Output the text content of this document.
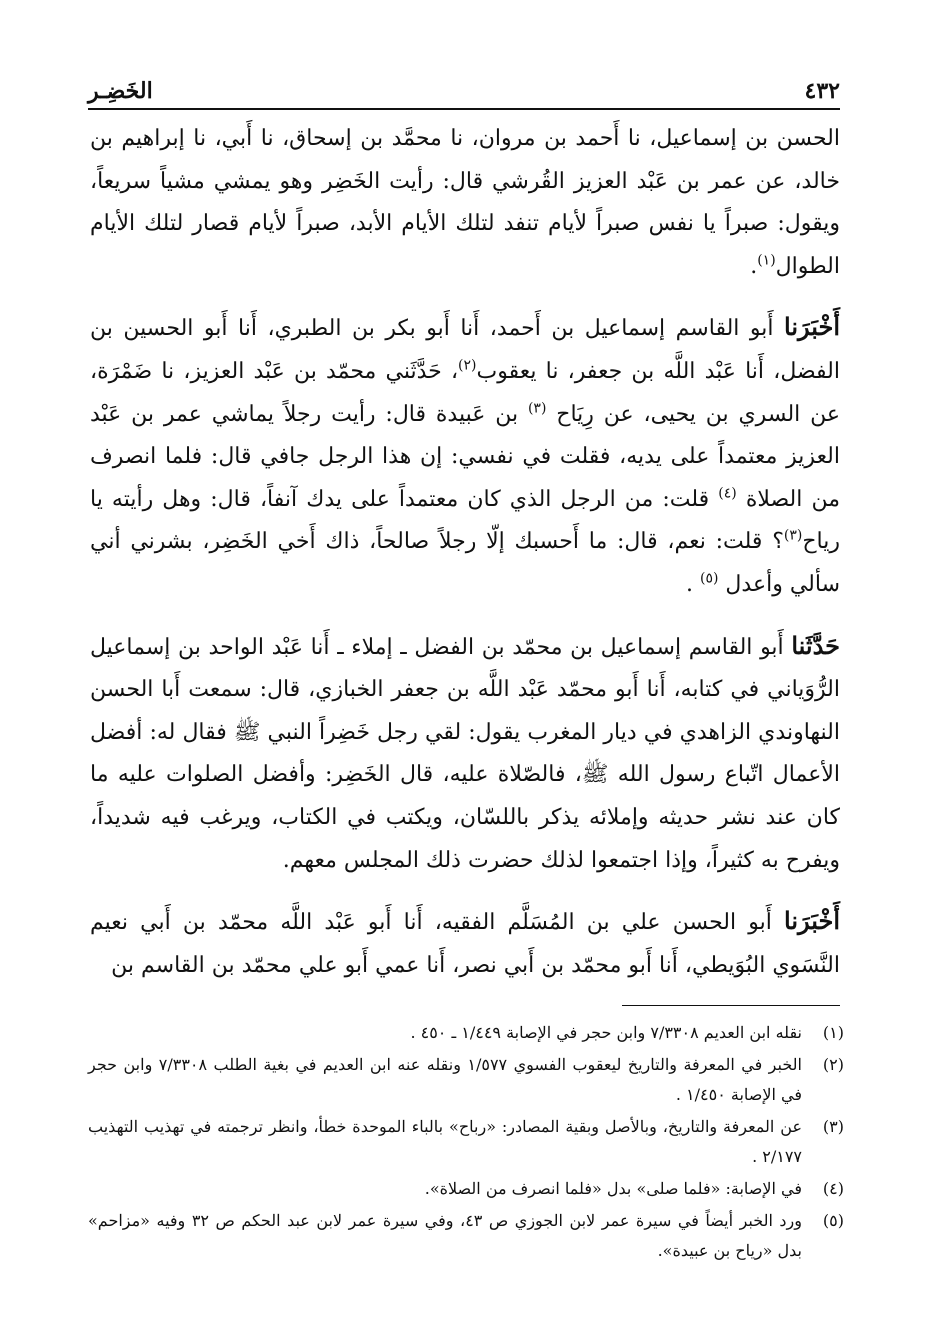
٤٣٢
الخَضِـر

الحسن بن إسماعيل، نا أَحمد بن مروان، نا محمَّد بن إسحاق، نا أَبي، نا إبراهيم بن خالد، عن عمر بن عَبْد العزيز القُرشي قال: رأيت الخَضِر وهو يمشي مشياً سريعاً، ويقول: صبراً يا نفس صبراً لأيام تنفد لتلك الأيام الأبد، صبراً لأيام قصار لتلك الأيام الطوال$^{(١)}$.

أَخْبَرَنا أَبو القاسم إسماعيل بن أَحمد، أَنا أَبو بكر بن الطبري، أَنا أَبو الحسين بن الفضل، أَنا عَبْد اللَّه بن جعفر، نا يعقوب$^{(٢)}$، حَدَّثَني محمّد بن عَبْد العزيز، نا ضَمْرَة، عن السري بن يحيى، عن رِيَاح $^{(٣)}$ بن عَبيدة قال: رأيت رجلاً يماشي عمر بن عَبْد العزيز معتمداً على يديه، فقلت في نفسي: إن هذا الرجل جافي قال: فلما انصرف من الصلاة $^{(٤)}$ قلت: من الرجل الذي كان معتمداً على يدك آنفاً، قال: وهل رأيته يا رياح$^{(٣)}$؟ قلت: نعم، قال: ما أَحسبك إلّا رجلاً صالحاً، ذاك أَخي الخَضِر، بشرني أني سألي وأعدل $^{(٥)}$ .

حَدَّثَنا أَبو القاسم إسماعيل بن محمّد بن الفضل ـ إملاء ـ أَنا عَبْد الواحد بن إسماعيل الرُّوَياني في كتابه، أَنا أَبو محمّد عَبْد اللَّه بن جعفر الخبازي، قال: سمعت أَبا الحسن النهاوندي الزاهدي في ديار المغرب يقول: لقي رجل خَضِراً النبي ﷺ فقال له: أفضل الأعمال اتّباع رسول الله ﷺ، فالصّلاة عليه، قال الخَضِر: وأفضل الصلوات عليه ما كان عند نشر حديثه وإملائه يذكر باللسّان، ويكتب في الكتاب، ويرغب فيه شديداً، ويفرح به كثيراً، وإذا اجتمعوا لذلك حضرت ذلك المجلس معهم.

أَخْبَرَنا أَبو الحسن علي بن المُسَلَّم الفقيه، أَنا أَبو عَبْد اللَّه محمّد بن أَبي نعيم النَّسَوي البُوَيطي، أَنا أَبو محمّد بن أَبي نصر، أَنا عمي أَبو علي محمّد بن القاسم بن

(١)
نقله ابن العديم ٧/٣٣٠٨ وابن حجر في الإصابة ١/٤٤٩ ـ ٤٥٠ .
(٢)
الخبر في المعرفة والتاريخ ليعقوب الفسوي ١/٥٧٧ ونقله عنه ابن العديم في بغية الطلب ٧/٣٣٠٨ وابن حجر في الإصابة ١/٤٥٠ .
(٣)
عن المعرفة والتاريخ، وبالأصل وبقية المصادر: «رباح» بالباء الموحدة خطأ، وانظر ترجمته في تهذيب التهذيب ٢/١٧٧ .
(٤)
في الإصابة: «فلما صلى» بدل «فلما انصرف من الصلاة».
(٥)
ورد الخبر أيضاً في سيرة عمر لابن الجوزي ص ٤٣، وفي سيرة عمر لابن عبد الحكم ص ٣٢ وفيه «مزاحم» بدل «رياح بن عبيدة».
